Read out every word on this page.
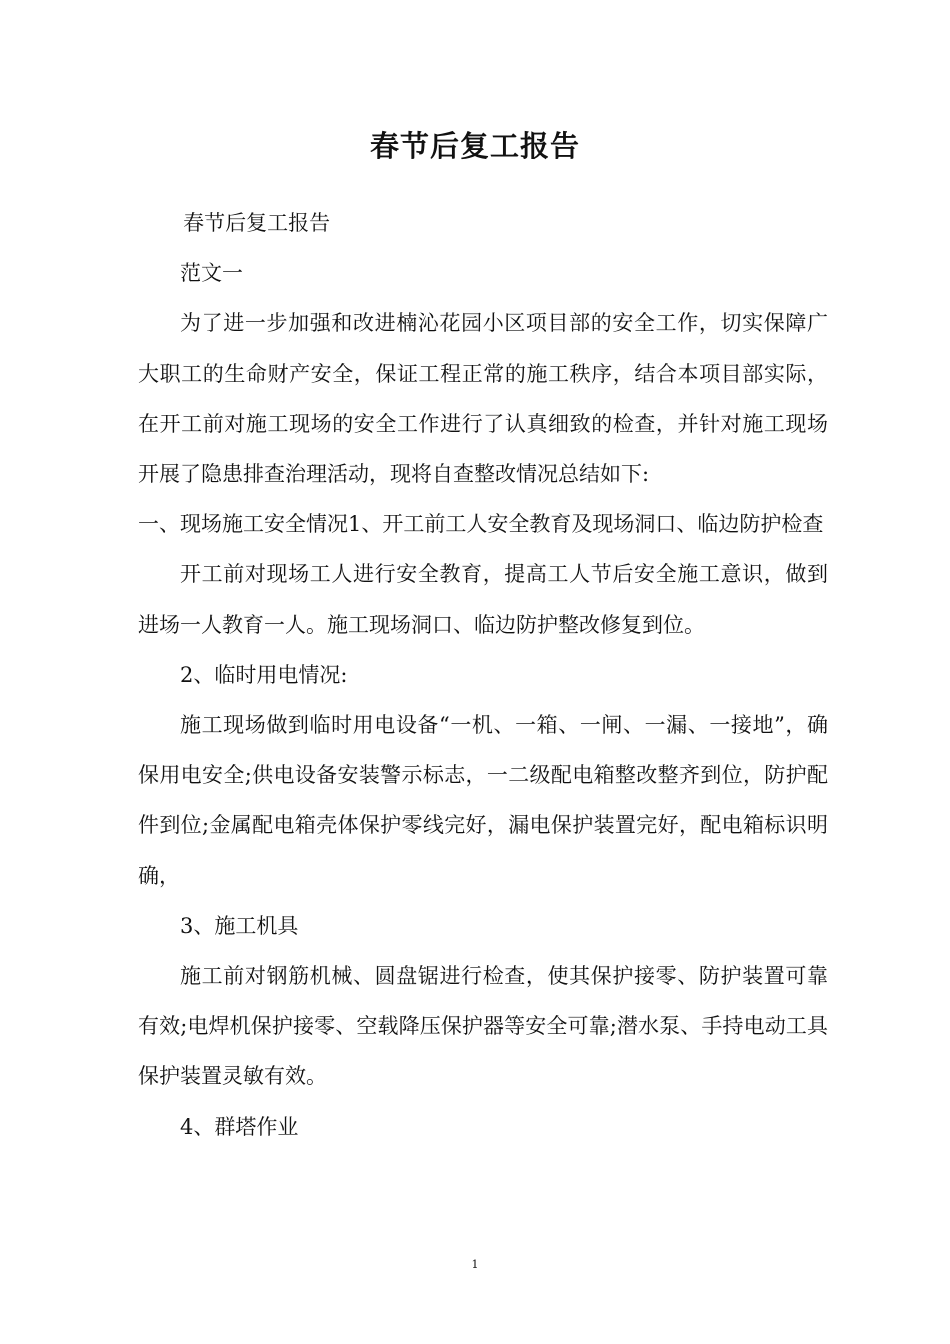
春节后复工报告

春节后复工报告

范文一

为了进一步加强和改进楠沁花园小区项目部的安全工作，切实保障广大职工的生命财产安全，保证工程正常的施工秩序，结合本项目部实际，在开工前对施工现场的安全工作进行了认真细致的检查，并针对施工现场开展了隐患排查治理活动，现将自查整改情况总结如下:

一、现场施工安全情况1、开工前工人安全教育及现场洞口、临边防护检查

开工前对现场工人进行安全教育，提高工人节后安全施工意识，做到进场一人教育一人。施工现场洞口、临边防护整改修复到位。

2、临时用电情况:

施工现场做到临时用电设备“一机、一箱、一闸、一漏、一接地”，确保用电安全;供电设备安装警示标志，一二级配电箱整改整齐到位，防护配件到位;金属配电箱壳体保护零线完好，漏电保护装置完好，配电箱标识明确，

3、施工机具

施工前对钢筋机械、圆盘锯进行检查，使其保护接零、防护装置可靠有效;电焊机保护接零、空载降压保护器等安全可靠;潜水泵、手持电动工具保护装置灵敏有效。

4、群塔作业

1
